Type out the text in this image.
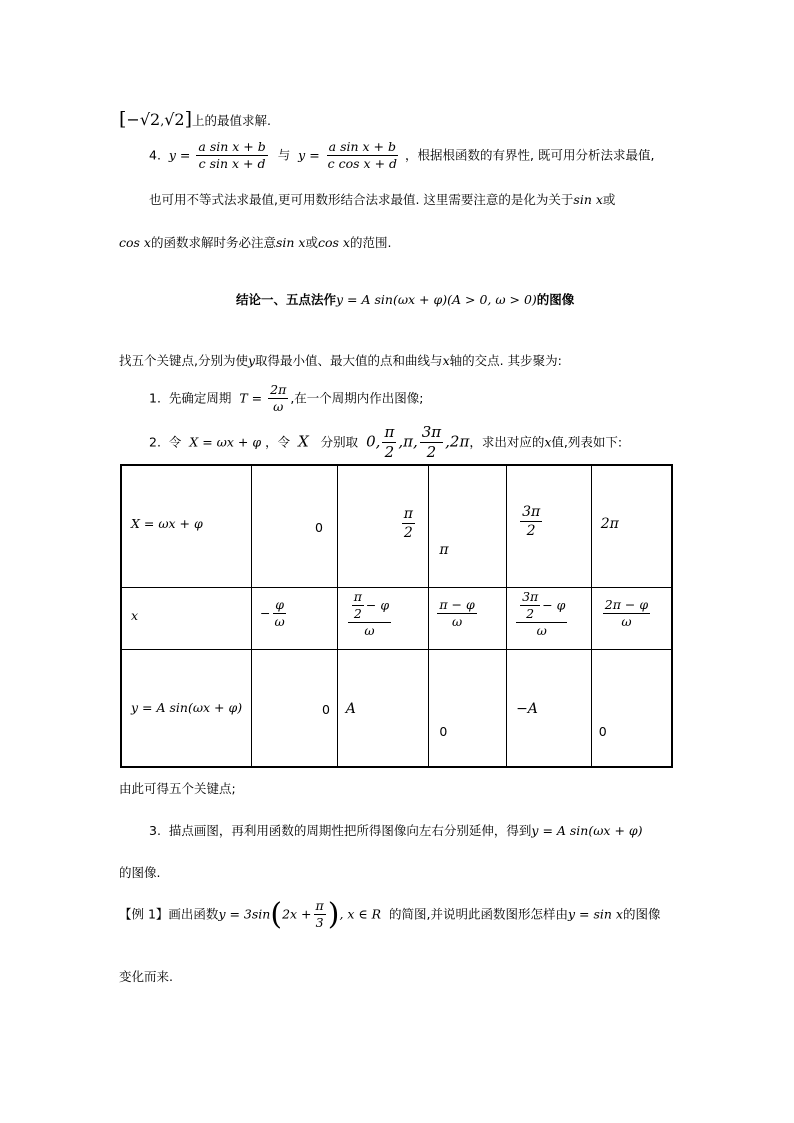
[−√2,√2]上的最值求解.
4. $y = \frac{\text{a sin x + b}}{\text{c sin x + d}}$ 与 $y = \frac{\text{a sin x + b}}{\text{c cos x + d}}$ ，根据根函数的有界性, 既可用分析法求最值,
也可用不等式法求最值,更可用数形结合法求最值. 这里需要注意的是化为关于sin x或
cos x的函数求解时务必注意sin x或cos x的范围.
结论一、五点法作y = A sin(ωx + φ)(A > 0, ω > 0)的图像
找五个关键点,分别为使y取得最小值、最大值的点和曲线与x轴的交点. 其步聚为:
1. 先确定周期 $T = \frac{2\pi}{\omega}$ ,在一个周期内作出图像;
2. 令 X = ωx + φ ，令 X 分别取 0, $\frac{\pi}{2} ,\pi$, $\frac{3\pi}{2} ,2\pi$，求出对应的x值,列表如下:
X = ωx + φ	0	$\frac{\pi}{2}$	π	$\frac{3\pi}{2}$	2π

x	− $\frac{\varphi}{\omega}$	$\frac{\frac{\pi}{2} - \varphi}{\omega}$	$\frac{\pi - \varphi}{\omega}$	$\frac{\frac{3\pi}{2} - \varphi}{\omega}$	$\frac{2\pi - \varphi}{\omega}$

y = A sin(ωx + φ)	0	A	0	−A	0
由此可得五个关键点;
3. 描点画图，再利用函数的周期性把所得图像向左右分别延伸，得到y = A sin(ωx + φ)
的图像.
【例 1】画出函数$y = 3\sin(2x + \frac{\pi}{3}$ ), x ∈ R 的简图,并说明此函数图形怎样由y = sin x的图像
变化而来.
